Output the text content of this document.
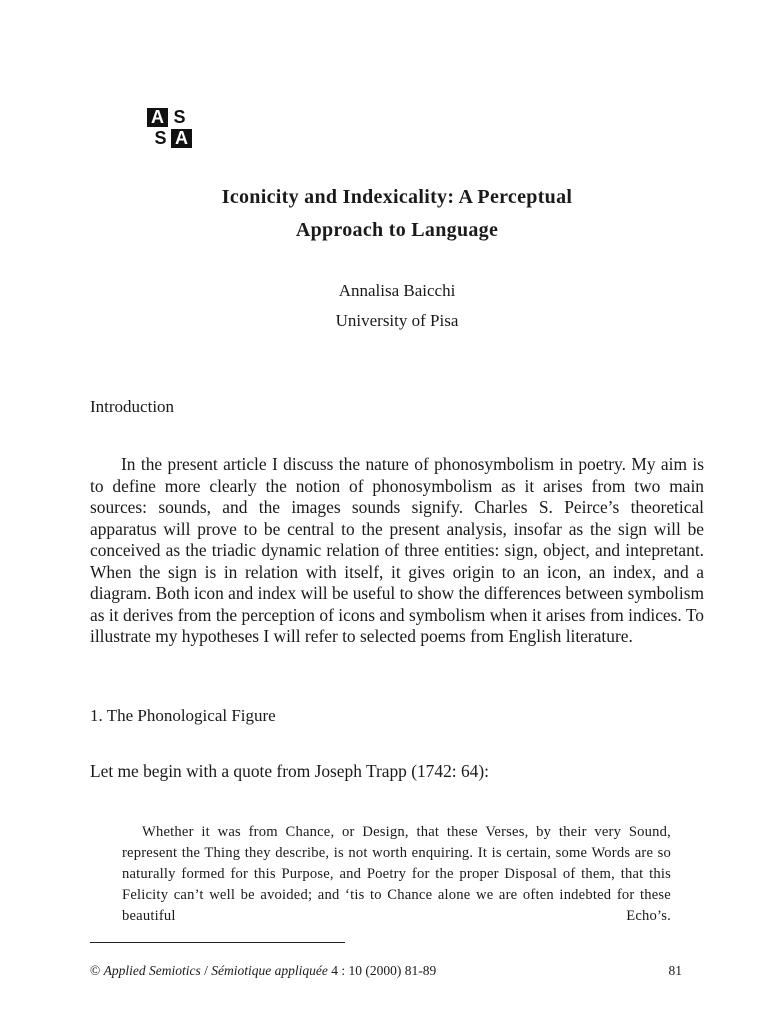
A S
S A
Iconicity and Indexicality: A Perceptual
Approach to Language
Annalisa Baicchi
University of Pisa
Introduction

In the present article I discuss the nature of phonosymbolism in poetry. My aim is to define more clearly the notion of phonosymbolism as it arises from two main sources: sounds, and the images sounds signify. Charles S. Peirce’s theoretical apparatus will prove to be central to the present analysis, insofar as the sign will be conceived as the triadic dynamic relation of three entities: sign, object, and intepretant. When the sign is in relation with itself, it gives origin to an icon, an index, and a diagram. Both icon and index will be useful to show the differences between symbolism as it derives from the perception of icons and symbolism when it arises from indices. To illustrate my hypotheses I will refer to selected poems from English literature.

1. The Phonological Figure

Let me begin with a quote from Joseph Trapp (1742: 64):

Whether it was from Chance, or Design, that these Verses, by their very Sound, represent the Thing they describe, is not worth enquiring. It is certain, some Words are so naturally formed for this Purpose, and Poetry for the proper Disposal of them, that this Felicity can’t well be avoided; and ‘tis to Chance alone we are often indebted for these beautiful Echo’s.

© Applied Semiotics / Sémiotique appliquée 4 : 10 (2000) 81-89	81
